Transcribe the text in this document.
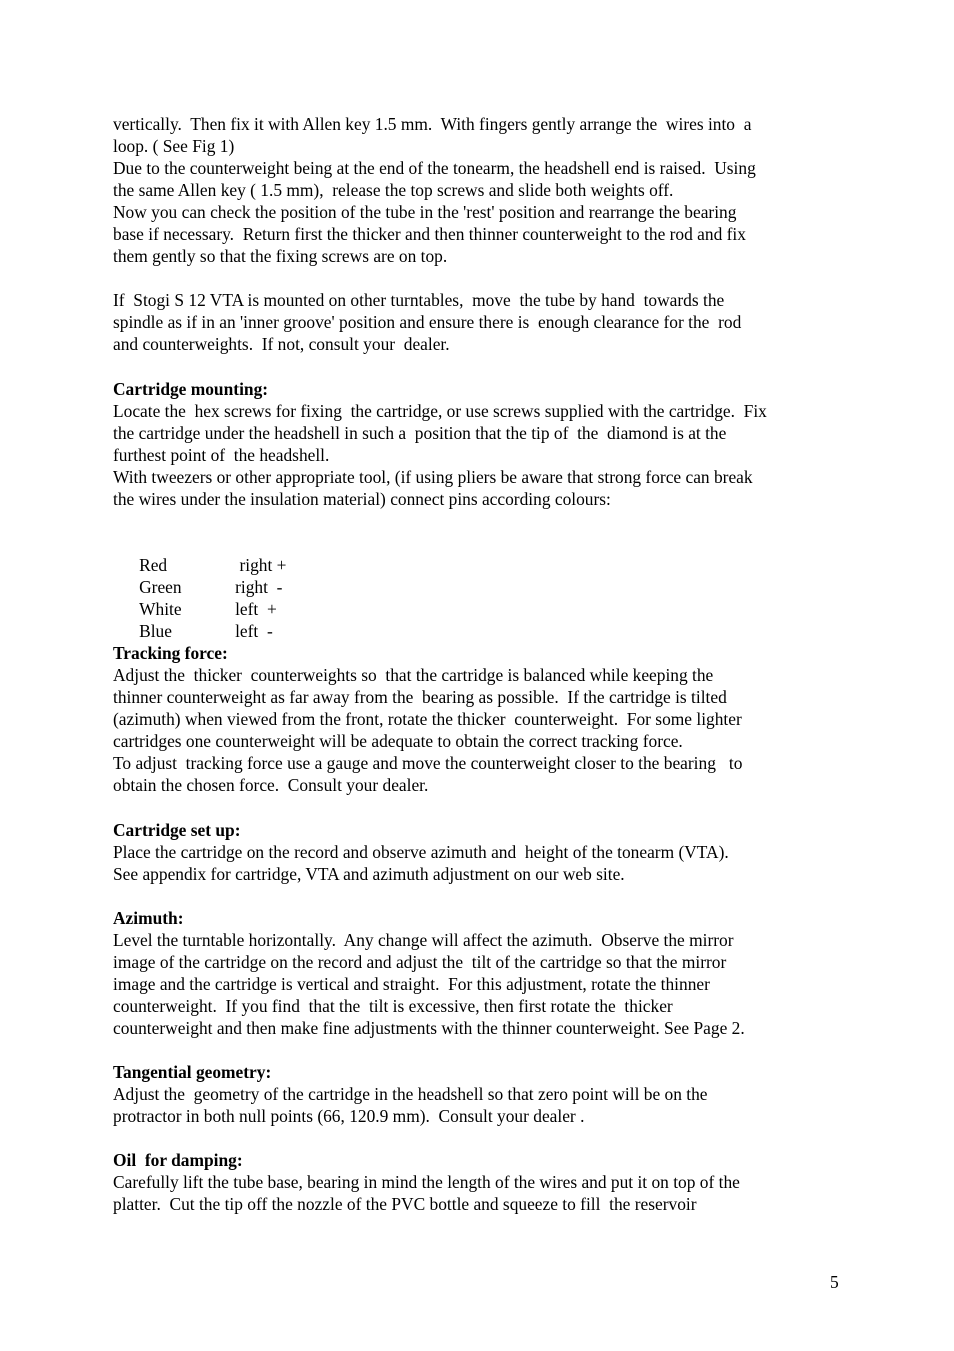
vertically.  Then fix it with Allen key 1.5 mm.  With fingers gently arrange the  wires into  a
loop. ( See Fig 1)
Due to the counterweight being at the end of the tonearm, the headshell end is raised.  Using
the same Allen key ( 1.5 mm),  release the top screws and slide both weights off.
Now you can check the position of the tube in the 'rest' position and rearrange the bearing
base if necessary.  Return first the thicker and then thinner counterweight to the rod and fix
them gently so that the fixing screws are on top.
If  Stogi S 12 VTA is mounted on other turntables,  move  the tube by hand  towards the
spindle as if in an 'inner groove' position and ensure there is  enough clearance for the  rod
and counterweights.  If not, consult your  dealer.
Cartridge mounting:
Locate the  hex screws for fixing  the cartridge, or use screws supplied with the cartridge.  Fix
the cartridge under the headshell in such a  position that the tip of  the  diamond is at the
furthest point of  the headshell.
With tweezers or other appropriate tool, (if using pliers be aware that strong force can break
the wires under the insulation material) connect pins according colours:

Red	right +

Green	right  -

White	left  +

Blue	left  -

Tracking force:
Adjust the  thicker  counterweights so  that the cartridge is balanced while keeping the
thinner counterweight as far away from the  bearing as possible.  If the cartridge is tilted
(azimuth) when viewed from the front, rotate the thicker  counterweight.  For some lighter
cartridges one counterweight will be adequate to obtain the correct tracking force.
To adjust  tracking force use a gauge and move the counterweight closer to the bearing   to
obtain the chosen force.  Consult your dealer.
Cartridge set up:
Place the cartridge on the record and observe azimuth and  height of the tonearm (VTA).
See appendix for cartridge, VTA and azimuth adjustment on our web site.
Azimuth:
Level the turntable horizontally.  Any change will affect the azimuth.  Observe the mirror
image of the cartridge on the record and adjust the  tilt of the cartridge so that the mirror
image and the cartridge is vertical and straight.  For this adjustment, rotate the thinner
counterweight.  If you find  that the  tilt is excessive, then first rotate the  thicker
counterweight and then make fine adjustments with the thinner counterweight. See Page 2.
Tangential geometry:
Adjust the  geometry of the cartridge in the headshell so that zero point will be on the
protractor in both null points (66, 120.9 mm).  Consult your dealer .
Oil  for damping:
Carefully lift the tube base, bearing in mind the length of the wires and put it on top of the
platter.  Cut the tip off the nozzle of the PVC bottle and squeeze to fill  the reservoir
5
